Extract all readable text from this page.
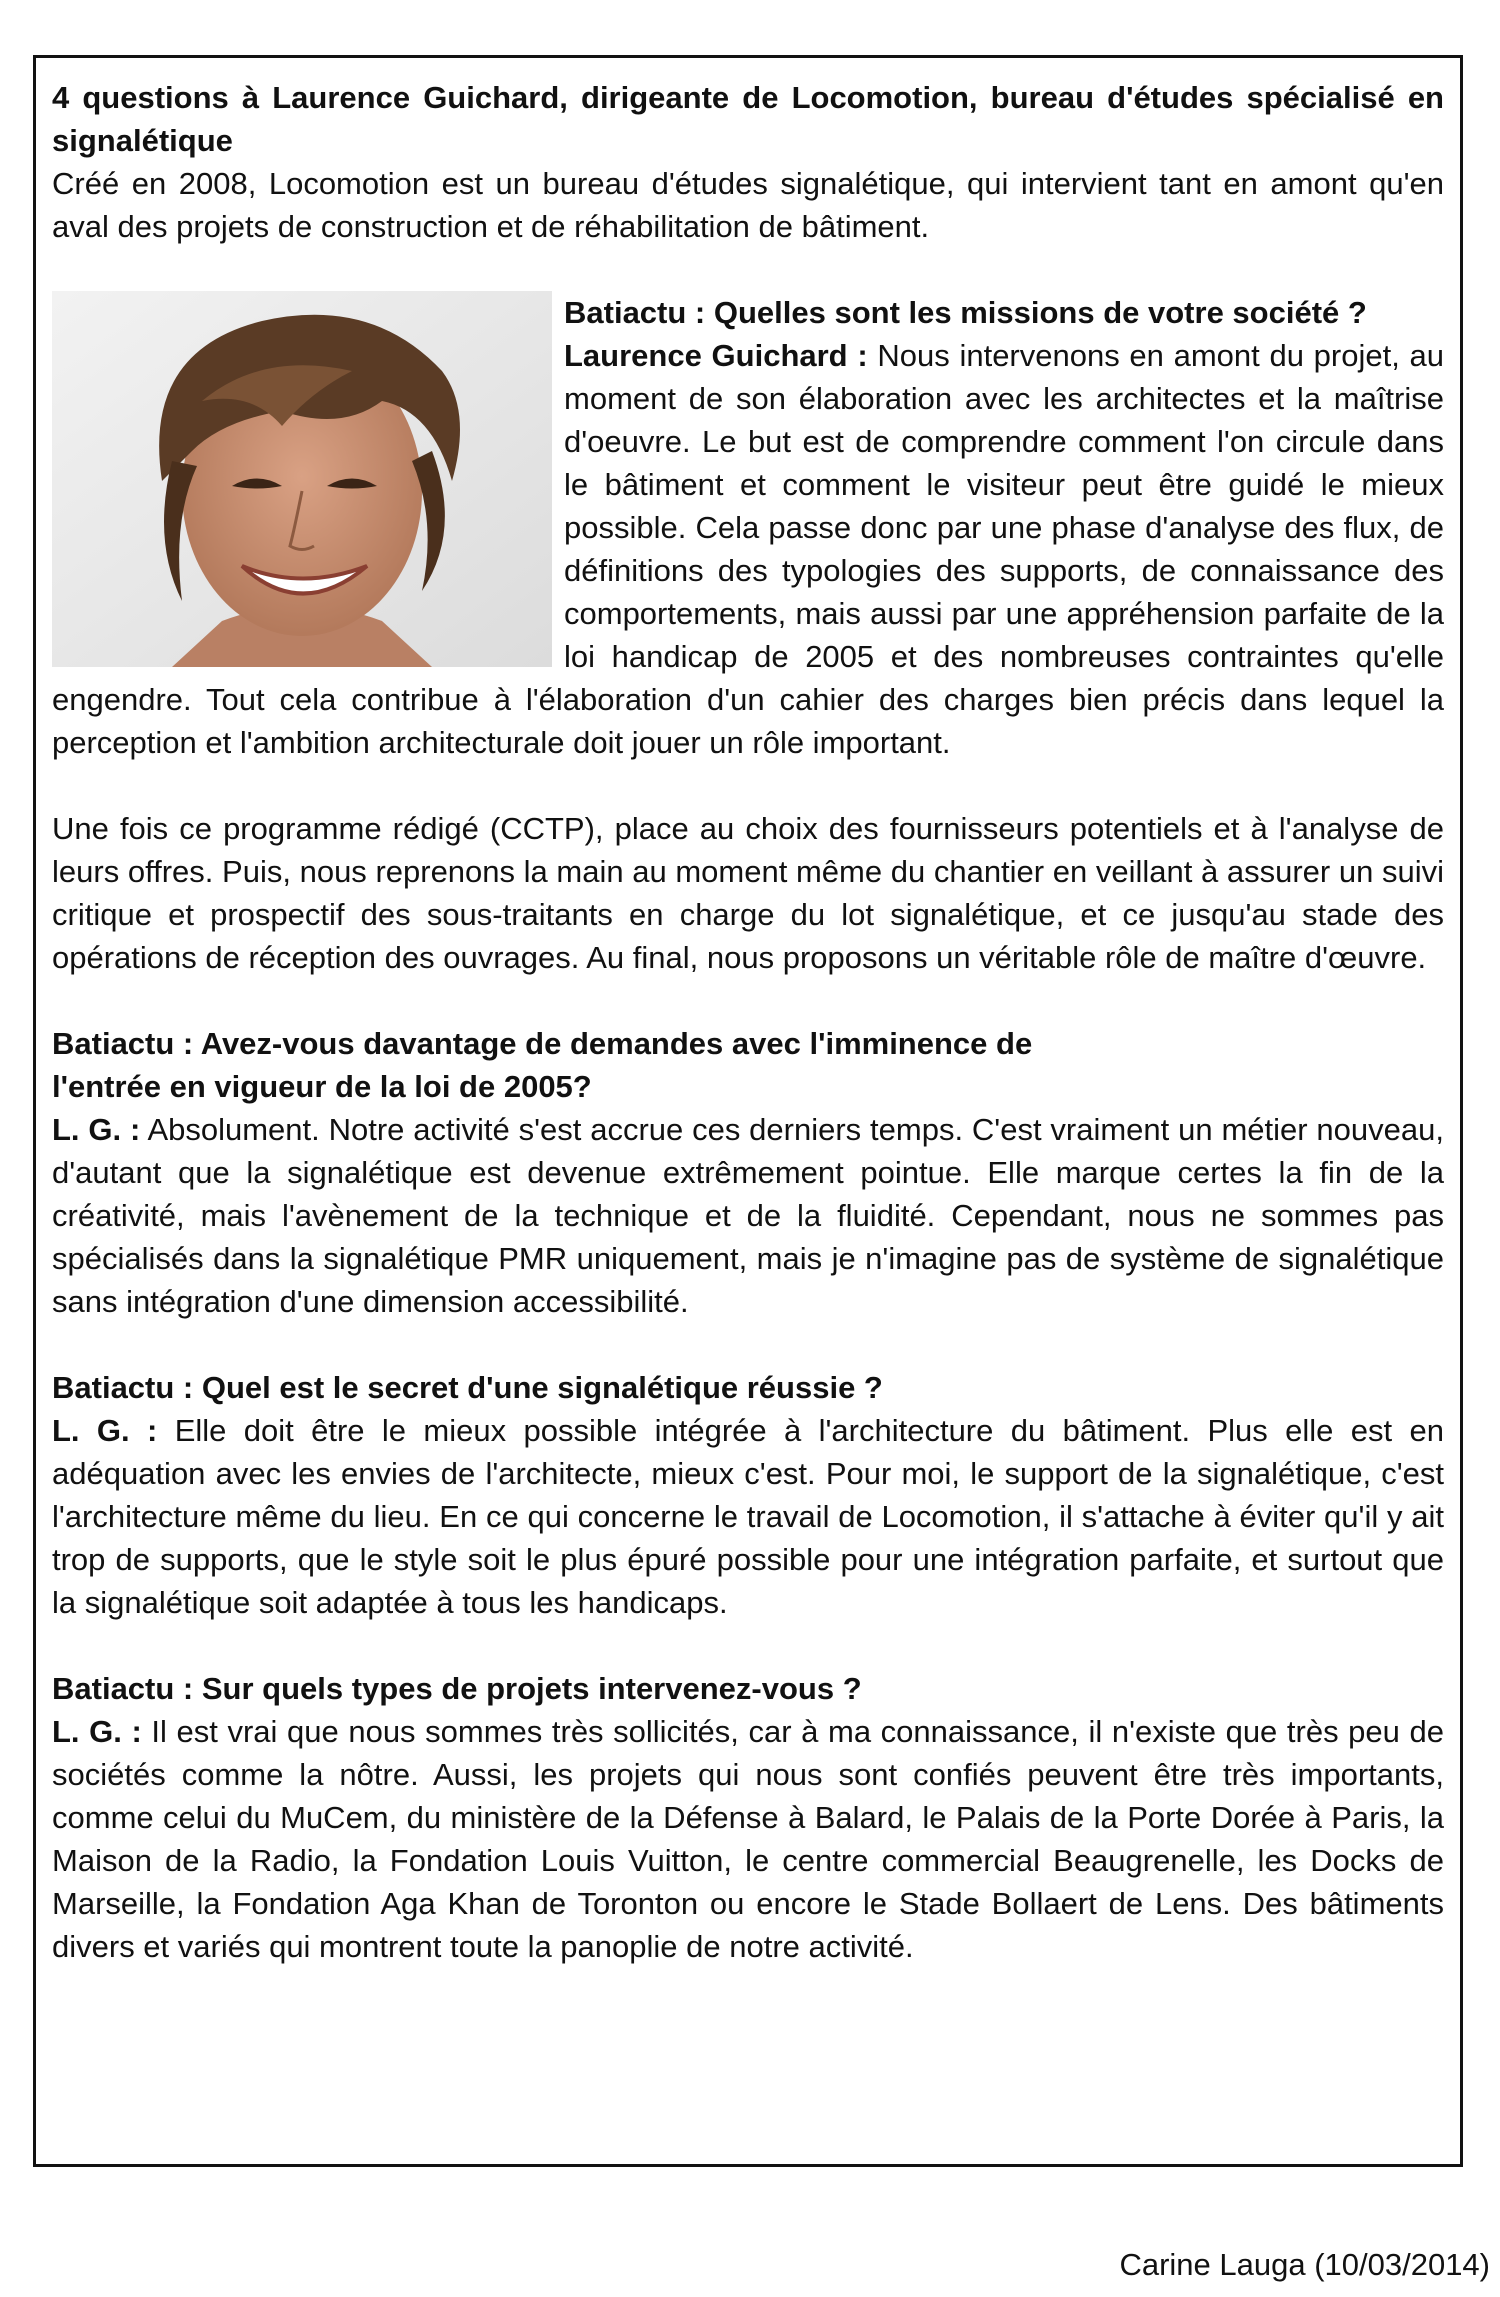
4 questions à Laurence Guichard, dirigeante de Locomotion, bureau d'études spécialisé en signalétique

Créé en 2008, Locomotion est un bureau d'études signalétique, qui intervient tant en amont qu'en aval des projets de construction et de réhabilitation de bâtiment.

Batiactu : Quelles sont les missions de votre société ?

Laurence Guichard : Nous intervenons en amont du projet, au moment de son élaboration avec les architectes et la maîtrise d'oeuvre. Le but est de comprendre comment l'on circule dans le bâtiment et comment le visiteur peut être guidé le mieux possible. Cela passe donc par une phase d'analyse des flux, de définitions des typologies des supports, de connaissance des comportements, mais aussi par une appréhension parfaite de la loi handicap de 2005 et des nombreuses contraintes qu'elle engendre. Tout cela contribue à l'élaboration d'un cahier des charges bien précis dans lequel la perception et l'ambition architecturale doit jouer un rôle important.

Une fois ce programme rédigé (CCTP), place au choix des fournisseurs potentiels et à l'analyse de leurs offres. Puis, nous reprenons la main au moment même du chantier en veillant à assurer un suivi critique et prospectif des sous-traitants en charge du lot signalétique, et ce jusqu'au stade des opérations de réception des ouvrages. Au final, nous proposons un véritable rôle de maître d'œuvre.

Batiactu : Avez-vous davantage de demandes avec l'imminence de
l'entrée en vigueur de la loi de 2005?

L. G. : Absolument. Notre activité s'est accrue ces derniers temps. C'est vraiment un métier nouveau, d'autant que la signalétique est devenue extrêmement pointue. Elle marque certes la fin de la créativité, mais l'avènement de la technique et de la fluidité. Cependant, nous ne sommes pas spécialisés dans la signalétique PMR uniquement, mais je n'imagine pas de système de signalétique sans intégration d'une dimension accessibilité.

Batiactu : Quel est le secret d'une signalétique réussie ?

L. G. : Elle doit être le mieux possible intégrée à l'architecture du bâtiment. Plus elle est en adéquation avec les envies de l'architecte, mieux c'est. Pour moi, le support de la signalétique, c'est l'architecture même du lieu. En ce qui concerne le travail de Locomotion, il s'attache à éviter qu'il y ait trop de supports, que le style soit le plus épuré possible pour une intégration parfaite, et surtout que la signalétique soit adaptée à tous les handicaps.

Batiactu : Sur quels types de projets intervenez-vous ?

L. G. : Il est vrai que nous sommes très sollicités, car à ma connaissance, il n'existe que très peu de sociétés comme la nôtre. Aussi, les projets qui nous sont confiés peuvent être très importants, comme celui du MuCem, du ministère de la Défense à Balard, le Palais de la Porte Dorée à Paris, la Maison de la Radio, la Fondation Louis Vuitton, le centre commercial Beaugrenelle, les Docks de Marseille, la Fondation Aga Khan de Toronton ou encore le Stade Bollaert de Lens. Des bâtiments divers et variés qui montrent toute la panoplie de notre activité.

Carine Lauga (10/03/2014)
